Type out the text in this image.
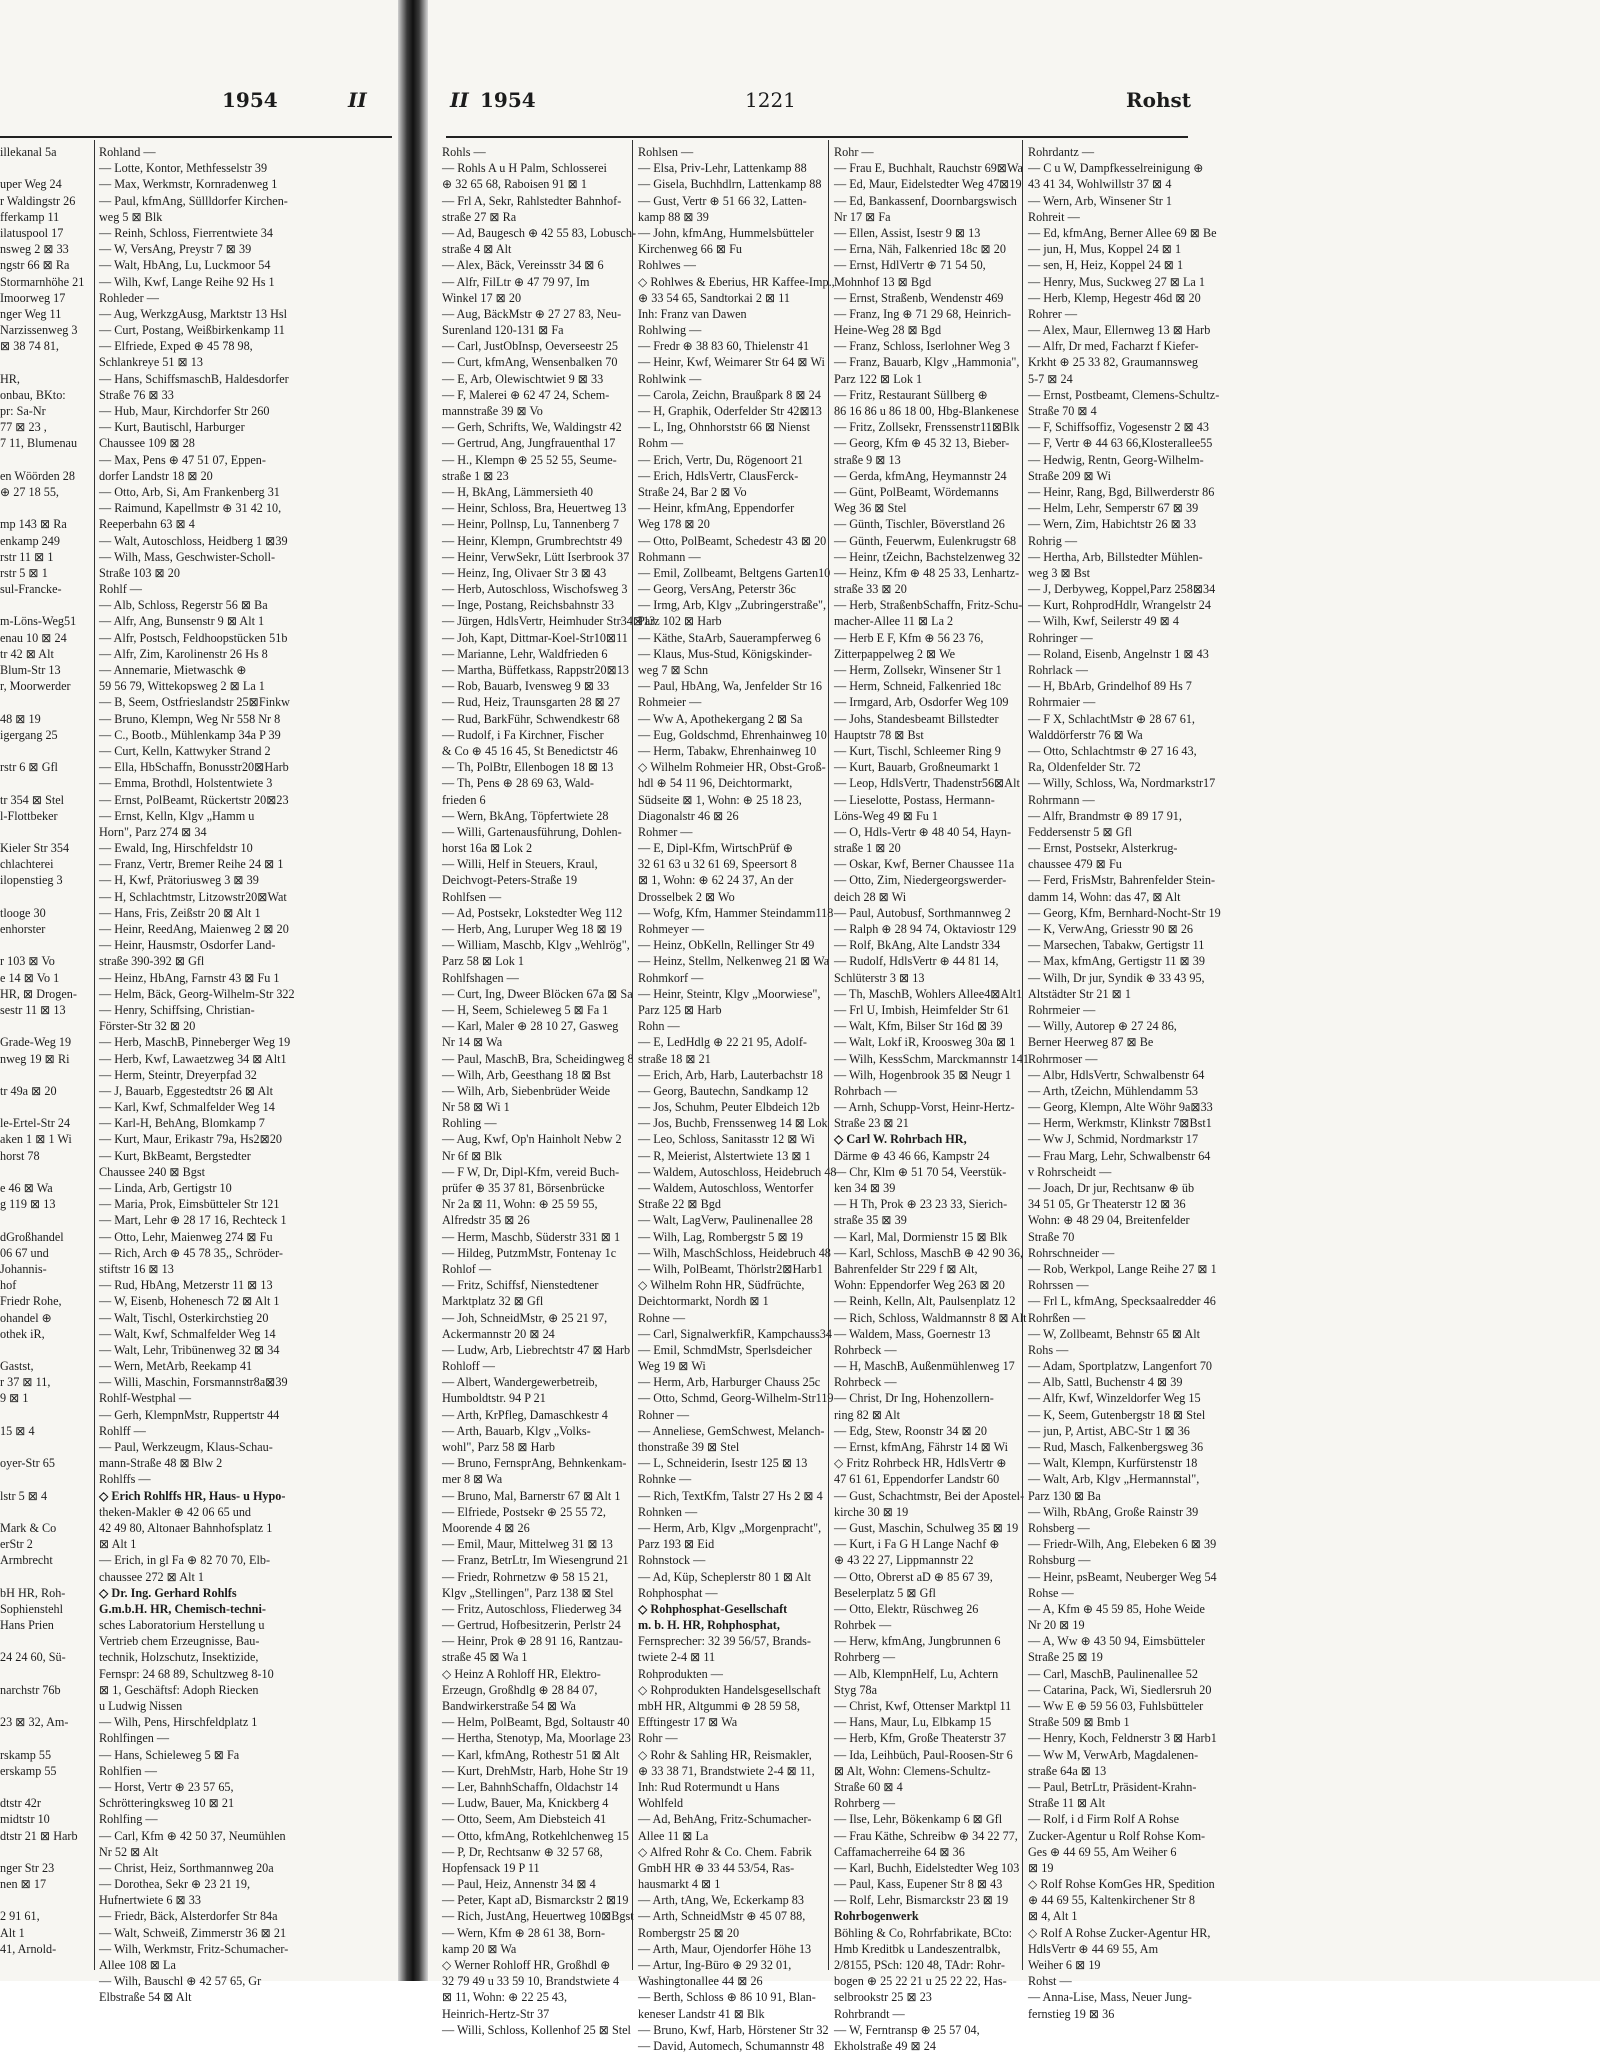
1954	II
illekanal 5a

uper Weg 24
r Waldingstr 26
fferkamp 11
ilatuspool 17
nsweg 2 ⊠ 33
ngstr 66 ⊠ Ra
Stormarnhöhe 21
Imoorweg 17
nger Weg 11
Narzissenweg 3
⊠ 38 74 81,

HR,
onbau, BKto:
pr: Sa-Nr
77 ⊠ 23 ,
7 11, Blumenau

en Wöörden 28
⊕ 27 18 55,

mp 143 ⊠ Ra
enkamp 249
rstr 11 ⊠ 1
rstr 5 ⊠ 1
sul-Francke-

m-Löns-Weg51
enau 10 ⊠ 24
tr 42 ⊠ Alt
Blum-Str 13
r, Moorwerder

48 ⊠ 19
igergang 25

rstr 6 ⊠ Gfl

tr 354 ⊠ Stel
l-Flottbeker

Kieler Str 354
chlachterei
ilopenstieg 3

tlooge 30
enhorster

r 103 ⊠ Vo
e 14 ⊠ Vo 1
HR, ⊠ Drogen-
sestr 11 ⊠ 13

Grade-Weg 19
nweg 19 ⊠ Ri

tr 49a ⊠ 20

le-Ertel-Str 24
aken 1 ⊠ 1 Wi
horst 78

e 46 ⊠ Wa
g 119 ⊠ 13

dGroßhandel
06 67 und
Johannis-
hof
Friedr Rohe,
ohandel ⊕
othek iR,

Gastst,
r 37 ⊠ 11,
9 ⊠ 1

15 ⊠ 4

oyer-Str 65

lstr 5 ⊠ 4

Mark & Co
erStr 2
Armbrecht

bH HR, Roh-
Sophienstehl
Hans Prien

24 24 60, Sü-

narchstr 76b

23 ⊠ 32, Am-

rskamp 55
erskamp 55

dtstr 42r
midtstr 10
dtstr 21 ⊠ Harb

nger Str 23
nen ⊠ 17

2 91 61,
Alt 1
41, Arnold-
Rohland —
— Lotte, Kontor, Methfesselstr 39
— Max, Werkmstr, Kornradenweg 1
— Paul, kfmAng, Süllldorfer Kirchen-
weg 5 ⊠ Blk
— Reinh, Schloss, Fierrentwiete 34
— W, VersAng, Preystr 7 ⊠ 39
— Walt, HbAng, Lu, Luckmoor 54
— Wilh, Kwf, Lange Reihe 92 Hs 1
Rohleder —
— Aug, WerkzgAusg, Marktstr 13 Hsl
— Curt, Postang, Weißbirkenkamp 11
— Elfriede, Exped ⊕ 45 78 98,
Schlankreye 51 ⊠ 13
— Hans, SchiffsmaschB, Haldesdorfer
Straße 76 ⊠ 33
— Hub, Maur, Kirchdorfer Str 260
— Kurt, Bautischl, Harburger
Chaussee 109 ⊠ 28
— Max, Pens ⊕ 47 51 07, Eppen-
dorfer Landstr 18 ⊠ 20
— Otto, Arb, Si, Am Frankenberg 31
— Raimund, Kapellmstr ⊕ 31 42 10,
Reeperbahn 63 ⊠ 4
— Walt, Autoschloss, Heidberg 1 ⊠39
— Wilh, Mass, Geschwister-Scholl-
Straße 103 ⊠ 20
Rohlf —
— Alb, Schloss, Regerstr 56 ⊠ Ba
— Alfr, Ang, Bunsenstr 9 ⊠ Alt 1
— Alfr, Postsch, Feldhoopstücken 51b
— Alfr, Zim, Karolinenstr 26 Hs 8
— Annemarie, Mietwaschk ⊕
59 56 79, Wittekopsweg 2 ⊠ La 1
— B, Seem, Ostfrieslandstr 25⊠Finkw
— Bruno, Klempn, Weg Nr 558 Nr 8
— C., Bootb., Mühlenkamp 34a P 39
— Curt, Kelln, Kattwyker Strand 2
— Ella, HbSchaffn, Bonusstr20⊠Harb
— Emma, Brothdl, Holstentwiete 3
— Ernst, PolBeamt, Rückertstr 20⊠23
— Ernst, Kelln, Klgv „Hamm u
Horn", Parz 274 ⊠ 34
— Ewald, Ing, Hirschfeldstr 10
— Franz, Vertr, Bremer Reihe 24 ⊠ 1
— H, Kwf, Prätoriusweg 3 ⊠ 39
— H, Schlachtmstr, Litzowstr20⊠Wat
— Hans, Fris, Zeißstr 20 ⊠ Alt 1
— Heinr, ReedAng, Maienweg 2 ⊠ 20
— Heinr, Hausmstr, Osdorfer Land-
straße 390-392 ⊠ Gfl
— Heinz, HbAng, Farnstr 43 ⊠ Fu 1
— Helm, Bäck, Georg-Wilhelm-Str 322
— Henry, Schiffsing, Christian-
Förster-Str 32 ⊠ 20
— Herb, MaschB, Pinneberger Weg 19
— Herb, Kwf, Lawaetzweg 34 ⊠ Alt1
— Herm, Steintr, Dreyerpfad 32
— J, Bauarb, Eggestedtstr 26 ⊠ Alt
— Karl, Kwf, Schmalfelder Weg 14
— Karl-H, BehAng, Blomkamp 7
— Kurt, Maur, Erikastr 79a, Hs2⊠20
— Kurt, BkBeamt, Bergstedter
Chaussee 240 ⊠ Bgst
— Linda, Arb, Gertigstr 10
— Maria, Prok, Eimsbütteler Str 121
— Mart, Lehr ⊕ 28 17 16, Rechteck 1
— Otto, Lehr, Maienweg 274 ⊠ Fu
— Rich, Arch ⊕ 45 78 35,, Schröder-
stiftstr 16 ⊠ 13
— Rud, HbAng, Metzerstr 11 ⊠ 13
— W, Eisenb, Hohenesch 72 ⊠ Alt 1
— Walt, Tischl, Osterkirchstieg 20
— Walt, Kwf, Schmalfelder Weg 14
— Walt, Lehr, Tribünenweg 32 ⊠ 34
— Wern, MetArb, Reekamp 41
— Willi, Maschin, Forsmannstr8a⊠39
Rohlf-Westphal —
— Gerh, KlempnMstr, Ruppertstr 44
Rohlff —
— Paul, Werkzeugm, Klaus-Schau-
mann-Straße 48 ⊠ Blw 2
Rohlffs —
◇ Erich Rohlffs HR, Haus- u Hypo-
theken-Makler ⊕ 42 06 65 und
42 49 80, Altonaer Bahnhofsplatz 1
⊠ Alt 1
— Erich, in gl Fa ⊕ 82 70 70, Elb-
chaussee 272 ⊠ Alt 1
◇ Dr. Ing. Gerhard Rohlfs
G.m.b.H. HR, Chemisch-techni-
sches Laboratorium Herstellung u
Vertrieb chem Erzeugnisse, Bau-
technik, Holzschutz, Insektizide,
Fernspr: 24 68 89, Schultzweg 8-10
⊠ 1, Geschäftsf: Adoph Riecken
u Ludwig Nissen
— Wilh, Pens, Hirschfeldplatz 1
Rohlfingen —
— Hans, Schieleweg 5 ⊠ Fa
Rohlfien —
— Horst, Vertr ⊕ 23 57 65,
Schrötteringksweg 10 ⊠ 21
Rohlfing —
— Carl, Kfm ⊕ 42 50 37, Neumühlen
Nr 52 ⊠ Alt
— Christ, Heiz, Sorthmannweg 20a
— Dorothea, Sekr ⊕ 23 21 19,
Hufnertwiete 6 ⊠ 33
— Friedr, Bäck, Alsterdorfer Str 84a
— Walt, Schweiß, Zimmerstr 36 ⊠ 21
— Wilh, Werkmstr, Fritz-Schumacher-
Allee 108 ⊠ La
— Wilh, Bauschl ⊕ 42 57 65, Gr
Elbstraße 54 ⊠ Alt
II 1954	1221	Rohst
Rohls —
— Rohls A u H Palm, Schlosserei
⊕ 32 65 68, Raboisen 91 ⊠ 1
— Frl A, Sekr, Rahlstedter Bahnhof-
straße 27 ⊠ Ra
— Ad, Baugesch ⊕ 42 55 83, Lobusch-
straße 4 ⊠ Alt
— Alex, Bäck, Vereinsstr 34 ⊠ 6
— Alfr, FilLtr ⊕ 47 79 97, Im
Winkel 17 ⊠ 20
— Aug, BäckMstr ⊕ 27 27 83, Neu-
Surenland 120-131 ⊠ Fa
— Carl, JustObInsp, Oeverseestr 25
— Curt, kfmAng, Wensenbalken 70
— E, Arb, Olewischtwiet 9 ⊠ 33
— F, Malerei ⊕ 62 47 24, Schem-
mannstraße 39 ⊠ Vo
— Gerh, Schrifts, We, Waldingstr 42
— Gertrud, Ang, Jungfrauenthal 17
— H., Klempn ⊕ 25 52 55, Seume-
straße 1 ⊠ 23
— H, BkAng, Lämmersieth 40
— Heinr, Schloss, Bra, Heuertweg 13
— Heinr, Pollnsp, Lu, Tannenberg 7
— Heinr, Klempn, Grumbrechtstr 49
— Heinr, VerwSekr, Lütt Iserbrook 37
— Heinz, Ing, Olivaer Str 3 ⊠ 43
— Herb, Autoschloss, Wischofsweg 3
— Inge, Postang, Reichsbahnstr 33
— Jürgen, HdlsVertr, Heimhuder Str34⊠13
— Joh, Kapt, Dittmar-Koel-Str10⊠11
— Marianne, Lehr, Waldfrieden 6
— Martha, Büffetkass, Rappstr20⊠13
— Rob, Bauarb, Ivensweg 9 ⊠ 33
— Rud, Heiz, Traunsgarten 28 ⊠ 27
— Rud, BarkFühr, Schwendkestr 68
— Rudolf, i Fa Kirchner, Fischer
& Co ⊕ 45 16 45, St Benedictstr 46
— Th, PolBtr, Ellenbogen 18 ⊠ 13
— Th, Pens ⊕ 28 69 63, Wald-
frieden 6
— Wern, BkAng, Töpfertwiete 28
— Willi, Gartenausführung, Dohlen-
horst 16a ⊠ Lok 2
— Willi, Helf in Steuers, Kraul,
Deichvogt-Peters-Straße 19
Rohlfsen —
— Ad, Postsekr, Lokstedter Weg 112
— Herb, Ang, Luruper Weg 18 ⊠ 19
— William, Maschb, Klgv „Wehlrög",
Parz 58 ⊠ Lok 1
Rohlfshagen —
— Curt, Ing, Dweer Blöcken 67a ⊠ Sa
— H, Seem, Schieleweg 5 ⊠ Fa 1
— Karl, Maler ⊕ 28 10 27, Gasweg
Nr 14 ⊠ Wa
— Paul, MaschB, Bra, Scheidingweg 8
— Wilh, Arb, Geesthang 18 ⊠ Bst
— Wilh, Arb, Siebenbrüder Weide
Nr 58 ⊠ Wi 1
Rohling —
— Aug, Kwf, Op'n Hainholt Nebw 2
Nr 6f ⊠ Blk
— F W, Dr, Dipl-Kfm, vereid Buch-
prüfer ⊕ 35 37 81, Börsenbrücke
Nr 2a ⊠ 11, Wohn: ⊕ 25 59 55,
Alfredstr 35 ⊠ 26
— Herm, Maschb, Süderstr 331 ⊠ 1
— Hildeg, PutzmMstr, Fontenay 1c
Rohlof —
— Fritz, Schiffsf, Nienstedtener
Marktplatz 32 ⊠ Gfl
— Joh, SchneidMstr, ⊕ 25 21 97,
Ackermannstr 20 ⊠ 24
— Ludw, Arb, Liebrechtstr 47 ⊠ Harb
Rohloff —
— Albert, Wandergewerbetreib,
Humboldtstr. 94 P 21
— Arth, KrPfleg, Damaschkestr 4
— Arth, Bauarb, Klgv „Volks-
wohl", Parz 58 ⊠ Harb
— Bruno, FernsprAng, Behnkenkam-
mer 8 ⊠ Wa
— Bruno, Mal, Barnerstr 67 ⊠ Alt 1
— Elfriede, Postsekr ⊕ 25 55 72,
Moorende 4 ⊠ 26
— Emil, Maur, Mittelweg 31 ⊠ 13
— Franz, BetrLtr, Im Wiesengrund 21
— Friedr, Rohrnetzw ⊕ 58 15 21,
Klgv „Stellingen", Parz 138 ⊠ Stel
— Fritz, Autoschloss, Fliederweg 34
— Gertrud, Hofbesitzerin, Perlstr 24
— Heinr, Prok ⊕ 28 91 16, Rantzau-
straße 45 ⊠ Wa 1
◇ Heinz A Rohloff HR, Elektro-
Erzeugn, Großhdlg ⊕ 28 84 07,
Bandwirkerstraße 54 ⊠ Wa
— Helm, PolBeamt, Bgd, Soltaustr 40
— Hertha, Stenotyp, Ma, Moorlage 23
— Karl, kfmAng, Rothestr 51 ⊠ Alt
— Kurt, DrehMstr, Harb, Hohe Str 19
— Ler, BahnhSchaffn, Oldachstr 14
— Ludw, Bauer, Ma, Knickberg 4
— Otto, Seem, Am Diebsteich 41
— Otto, kfmAng, Rotkehlchenweg 15
— P, Dr, Rechtsanw ⊕ 32 57 68,
Hopfensack 19 P 11
— Paul, Heiz, Annenstr 34 ⊠ 4
— Peter, Kapt aD, Bismarckstr 2 ⊠19
— Rich, JustAng, Heuertweg 10⊠Bgst
— Wern, Kfm ⊕ 28 61 38, Born-
kamp 20 ⊠ Wa
◇ Werner Rohloff HR, Großhdl ⊕
32 79 49 u 33 59 10, Brandstwiete 4
⊠ 11, Wohn: ⊕ 22 25 43,
Heinrich-Hertz-Str 37
— Willi, Schloss, Kollenhof 25 ⊠ Stel
Rohlsen —
— Elsa, Priv-Lehr, Lattenkamp 88
— Gisela, Buchhdlrn, Lattenkamp 88
— Gust, Vertr ⊕ 51 66 32, Latten-
kamp 88 ⊠ 39
— John, kfmAng, Hummelsbütteler
Kirchenweg 66 ⊠ Fu
Rohlwes —
◇ Rohlwes & Eberius, HR Kaffee-Imp.,
⊕ 33 54 65, Sandtorkai 2 ⊠ 11
Inh: Franz van Dawen
Rohlwing —
— Fredr ⊕ 38 83 60, Thielenstr 41
— Heinr, Kwf, Weimarer Str 64 ⊠ Wi
Rohlwink —
— Carola, Zeichn, Braußpark 8 ⊠ 24
— H, Graphik, Oderfelder Str 42⊠13
— L, Ing, Ohnhorststr 66 ⊠ Nienst
Rohm —
— Erich, Vertr, Du, Rögenoort 21
— Erich, HdlsVertr, ClausFerck-
Straße 24, Bar 2 ⊠ Vo
— Heinr, kfmAng, Eppendorfer
Weg 178 ⊠ 20
— Otto, PolBeamt, Schedestr 43 ⊠ 20
Rohmann —
— Emil, Zollbeamt, Beltgens Garten10
— Georg, VersAng, Peterstr 36c
— Irmg, Arb, Klgv „Zubringerstraße",
Parz 102 ⊠ Harb
— Käthe, StaArb, Sauerampferweg 6
— Klaus, Mus-Stud, Königskinder-
weg 7 ⊠ Schn
— Paul, HbAng, Wa, Jenfelder Str 16
Rohmeier —
— Ww A, Apothekergang 2 ⊠ Sa
— Eug, Goldschmd, Ehrenhainweg 10
— Herm, Tabakw, Ehrenhainweg 10
◇ Wilhelm Rohmeier HR, Obst-Groß-
hdl ⊕ 54 11 96, Deichtormarkt,
Südseite ⊠ 1, Wohn: ⊕ 25 18 23,
Diagonalstr 46 ⊠ 26
Rohmer —
— E, Dipl-Kfm, WirtschPrüf ⊕
32 61 63 u 32 61 69, Speersort 8
⊠ 1, Wohn: ⊕ 62 24 37, An der
Drosselbek 2 ⊠ Wo
— Wofg, Kfm, Hammer Steindamm118
Rohmeyer —
— Heinz, ObKelln, Rellinger Str 49
— Heinz, Stellm, Nelkenweg 21 ⊠ Wa
Rohmkorf —
— Heinr, Steintr, Klgv „Moorwiese",
Parz 125 ⊠ Harb
Rohn —
— E, LedHdlg ⊕ 22 21 95, Adolf-
straße 18 ⊠ 21
— Erich, Arb, Harb, Lauterbachstr 18
— Georg, Bautechn, Sandkamp 12
— Jos, Schuhm, Peuter Elbdeich 12b
— Jos, Buchb, Frenssenweg 14 ⊠ Lok
— Leo, Schloss, Sanitasstr 12 ⊠ Wi
— R, Meierist, Alstertwiete 13 ⊠ 1
— Waldem, Autoschloss, Heidebruch 48
— Waldem, Autoschloss, Wentorfer
Straße 22 ⊠ Bgd
— Walt, LagVerw, Paulinenallee 28
— Wilh, Lag, Rombergstr 5 ⊠ 19
— Wilh, MaschSchloss, Heidebruch 48
— Wilh, PolBeamt, Thörlstr2⊠Harb1
◇ Wilhelm Rohn HR, Südfrüchte,
Deichtormarkt, Nordh ⊠ 1
Rohne —
— Carl, SignalwerkfiR, Kampchauss34
— Emil, SchmdMstr, Sperlsdeicher
Weg 19 ⊠ Wi
— Herm, Arb, Harburger Chauss 25c
— Otto, Schmd, Georg-Wilhelm-Str119
Rohner —
— Anneliese, GemSchwest, Melanch-
thonstraße 39 ⊠ Stel
— L, Schneiderin, Isestr 125 ⊠ 13
Rohnke —
— Rich, TextKfm, Talstr 27 Hs 2 ⊠ 4
Rohnken —
— Herm, Arb, Klgv „Morgenpracht",
Parz 193 ⊠ Eid
Rohnstock —
— Ad, Küp, Scheplerstr 80 1 ⊠ Alt
Rohphosphat —
◇ Rohphosphat-Gesellschaft
m. b. H. HR, Rohphosphat,
Fernsprecher: 32 39 56/57, Brands-
twiete 2-4 ⊠ 11
Rohprodukten —
◇ Rohprodukten Handelsgesellschaft
mbH HR, Altgummi ⊕ 28 59 58,
Efftingestr 17 ⊠ Wa
Rohr —
◇ Rohr & Sahling HR, Reismakler,
⊕ 33 38 71, Brandstwiete 2-4 ⊠ 11,
Inh: Rud Rotermundt u Hans
Wohlfeld
— Ad, BehAng, Fritz-Schumacher-
Allee 11 ⊠ La
◇ Alfred Rohr & Co. Chem. Fabrik
GmbH HR ⊕ 33 44 53/54, Ras-
hausmarkt 4 ⊠ 1
— Arth, tAng, We, Eckerkamp 83
— Arth, SchneidMstr ⊕ 45 07 88,
Rombergstr 25 ⊠ 20
— Arth, Maur, Ojendorfer Höhe 13
— Artur, Ing-Büro ⊕ 29 32 01,
Washingtonallee 44 ⊠ 26
— Berth, Schloss ⊕ 86 10 91, Blan-
keneser Landstr 41 ⊠ Blk
— Bruno, Kwf, Harb, Hörstener Str 32
— David, Automech, Schumannstr 48
Rohr —
— Frau E, Buchhalt, Rauchstr 69⊠Wa
— Ed, Maur, Eidelstedter Weg 47⊠19
— Ed, Bankassenf, Doornbargswisch
Nr 17 ⊠ Fa
— Ellen, Assist, Isestr 9 ⊠ 13
— Erna, Näh, Falkenried 18c ⊠ 20
— Ernst, HdlVertr ⊕ 71 54 50,
Mohnhof 13 ⊠ Bgd
— Ernst, Straßenb, Wendenstr 469
— Franz, Ing ⊕ 71 29 68, Heinrich-
Heine-Weg 28 ⊠ Bgd
— Franz, Schloss, Iserlohner Weg 3
— Franz, Bauarb, Klgv „Hammonia",
Parz 122 ⊠ Lok 1
— Fritz, Restaurant Süllberg ⊕
86 16 86 u 86 18 00, Hbg-Blankenese
— Fritz, Zollsekr, Frenssenstr11⊠Blk
— Georg, Kfm ⊕ 45 32 13, Bieber-
straße 9 ⊠ 13
— Gerda, kfmAng, Heymannstr 24
— Günt, PolBeamt, Wördemanns
Weg 36 ⊠ Stel
— Günth, Tischler, Böverstland 26
— Günth, Feuerwm, Eulenkrugstr 68
— Heinr, tZeichn, Bachstelzenweg 32
— Heinz, Kfm ⊕ 48 25 33, Lenhartz-
straße 33 ⊠ 20
— Herb, StraßenbSchaffn, Fritz-Schu-
macher-Allee 11 ⊠ La 2
— Herb E F, Kfm ⊕ 56 23 76,
Zitterpappelweg 2 ⊠ We
— Herm, Zollsekr, Winsener Str 1
— Herm, Schneid, Falkenried 18c
— Irmgard, Arb, Osdorfer Weg 109
— Johs, Standesbeamt Billstedter
Hauptstr 78 ⊠ Bst
— Kurt, Tischl, Schleemer Ring 9
— Kurt, Bauarb, Großneumarkt 1
— Leop, HdlsVertr, Thadenstr56⊠Alt
— Lieselotte, Postass, Hermann-
Löns-Weg 49 ⊠ Fu 1
— O, Hdls-Vertr ⊕ 48 40 54, Hayn-
straße 1 ⊠ 20
— Oskar, Kwf, Berner Chaussee 11a
— Otto, Zim, Niedergeorgswerder-
deich 28 ⊠ Wi
— Paul, Autobusf, Sorthmannweg 2
— Ralph ⊕ 28 94 74, Oktaviostr 129
— Rolf, BkAng, Alte Landstr 334
— Rudolf, HdlsVertr ⊕ 44 81 14,
Schlüterstr 3 ⊠ 13
— Th, MaschB, Wohlers Allee4⊠Alt1
— Frl U, Imbish, Heimfelder Str 61
— Walt, Kfm, Bilser Str 16d ⊠ 39
— Walt, Lokf iR, Kroosweg 30a ⊠ 1
— Wilh, KessSchm, Marckmannstr 141
— Wilh, Hogenbrook 35 ⊠ Neugr 1
Rohrbach —
— Arnh, Schupp-Vorst, Heinr-Hertz-
Straße 23 ⊠ 21
◇ Carl W. Rohrbach HR,
Därme ⊕ 43 46 66, Kampstr 24
— Chr, Klm ⊕ 51 70 54, Veerstük-
ken 34 ⊠ 39
— H Th, Prok ⊕ 23 23 33, Sierich-
straße 35 ⊠ 39
— Karl, Mal, Dormienstr 15 ⊠ Blk
— Karl, Schloss, MaschB ⊕ 42 90 36,
Bahrenfelder Str 229 f ⊠ Alt,
Wohn: Eppendorfer Weg 263 ⊠ 20
— Reinh, Kelln, Alt, Paulsenplatz 12
— Rich, Schloss, Waldmannstr 8 ⊠ Alt
— Waldem, Mass, Goernestr 13
Rohrbeck —
— H, MaschB, Außenmühlenweg 17
Rohrbeck —
— Christ, Dr Ing, Hohenzollern-
ring 82 ⊠ Alt
— Edg, Stew, Roonstr 34 ⊠ 20
— Ernst, kfmAng, Fährstr 14 ⊠ Wi
◇ Fritz Rohrbeck HR, HdlsVertr ⊕
47 61 61, Eppendorfer Landstr 60
— Gust, Schachtmstr, Bei der Apostel-
kirche 30 ⊠ 19
— Gust, Maschin, Schulweg 35 ⊠ 19
— Kurt, i Fa G H Lange Nachf ⊕
⊕ 43 22 27, Lippmannstr 22
— Otto, Obrerst aD ⊕ 85 67 39,
Beselerplatz 5 ⊠ Gfl
— Otto, Elektr, Rüschweg 26
Rohrbek —
— Herw, kfmAng, Jungbrunnen 6
Rohrberg —
— Alb, KlempnHelf, Lu, Achtern
Styg 78a
— Christ, Kwf, Ottenser Marktpl 11
— Hans, Maur, Lu, Elbkamp 15
— Herb, Kfm, Große Theaterstr 37
— Ida, Leihbüch, Paul-Roosen-Str 6
⊠ Alt, Wohn: Clemens-Schultz-
Straße 60 ⊠ 4
Rohrberg —
— Ilse, Lehr, Bökenkamp 6 ⊠ Gfl
— Frau Käthe, Schreibw ⊕ 34 22 77,
Caffamacherreihe 64 ⊠ 36
— Karl, Buchh, Eidelstedter Weg 103
— Paul, Kass, Eupener Str 8 ⊠ 43
— Rolf, Lehr, Bismarckstr 23 ⊠ 19
Rohrbogenwerk
Böhling & Co, Rohrfabrikate, BCto:
Hmb Kreditbk u Landeszentralbk,
2/8155, PSch: 120 48, TAdr: Rohr-
bogen ⊕ 25 22 21 u 25 22 22, Has-
selbrookstr 25 ⊠ 23
Rohrbrandt —
— W, Ferntransp ⊕ 25 57 04,
Ekholstraße 49 ⊠ 24
Rohrdantz —
— C u W, Dampfkesselreinigung ⊕
43 41 34, Wohlwillstr 37 ⊠ 4
— Wern, Arb, Winsener Str 1
Rohreit —
— Ed, kfmAng, Berner Allee 69 ⊠ Be
— jun, H, Mus, Koppel 24 ⊠ 1
— sen, H, Heiz, Koppel 24 ⊠ 1
— Henry, Mus, Suckweg 27 ⊠ La 1
— Herb, Klemp, Hegestr 46d ⊠ 20
Rohrer —
— Alex, Maur, Ellernweg 13 ⊠ Harb
— Alfr, Dr med, Facharzt f Kiefer-
Krkht ⊕ 25 33 82, Graumannsweg
5-7 ⊠ 24
— Ernst, Postbeamt, Clemens-Schultz-
Straße 70 ⊠ 4
— F, Schiffsoffiz, Vogesenstr 2 ⊠ 43
— F, Vertr ⊕ 44 63 66,Klosterallee55
— Hedwig, Rentn, Georg-Wilhelm-
Straße 209 ⊠ Wi
— Heinr, Rang, Bgd, Billwerderstr 86
— Helm, Lehr, Semperstr 67 ⊠ 39
— Wern, Zim, Habichtstr 26 ⊠ 33
Rohrig —
— Hertha, Arb, Billstedter Mühlen-
weg 3 ⊠ Bst
— J, Derbyweg, Koppel,Parz 258⊠34
— Kurt, RohprodHdlr, Wrangelstr 24
— Wilh, Kwf, Seilerstr 49 ⊠ 4
Rohringer —
— Roland, Eisenb, Angelnstr 1 ⊠ 43
Rohrlack —
— H, BbArb, Grindelhof 89 Hs 7
Rohrmaier —
— F X, SchlachtMstr ⊕ 28 67 61,
Walddörferstr 76 ⊠ Wa
— Otto, Schlachtmstr ⊕ 27 16 43,
Ra, Oldenfelder Str. 72
— Willy, Schloss, Wa, Nordmarkstr17
Rohrmann —
— Alfr, Brandmstr ⊕ 89 17 91,
Feddersenstr 5 ⊠ Gfl
— Ernst, Postsekr, Alsterkrug-
chaussee 479 ⊠ Fu
— Ferd, FrisMstr, Bahrenfelder Stein-
damm 14, Wohn: das 47, ⊠ Alt
— Georg, Kfm, Bernhard-Nocht-Str 19
— K, VerwAng, Griesstr 90 ⊠ 26
— Marsechen, Tabakw, Gertigstr 11
— Max, kfmAng, Gertigstr 11 ⊠ 39
— Wilh, Dr jur, Syndik ⊕ 33 43 95,
Altstädter Str 21 ⊠ 1
Rohrmeier —
— Willy, Autorep ⊕ 27 24 86,
Berner Heerweg 87 ⊠ Be
Rohrmoser —
— Albr, HdlsVertr, Schwalbenstr 64
— Arth, tZeichn, Mühlendamm 53
— Georg, Klempn, Alte Wöhr 9a⊠33
— Herm, Werkmstr, Klinkstr 7⊠Bst1
— Ww J, Schmid, Nordmarkstr 17
— Frau Marg, Lehr, Schwalbenstr 64
v Rohrscheidt —
— Joach, Dr jur, Rechtsanw ⊕ üb
34 51 05, Gr Theaterstr 12 ⊠ 36
Wohn: ⊕ 48 29 04, Breitenfelder
Straße 70
Rohrschneider —
— Rob, Werkpol, Lange Reihe 27 ⊠ 1
Rohrssen —
— Frl L, kfmAng, Specksaalredder 46
Rohrßen —
— W, Zollbeamt, Behnstr 65 ⊠ Alt
Rohs —
— Adam, Sportplatzw, Langenfort 70
— Alb, Sattl, Buchenstr 4 ⊠ 39
— Alfr, Kwf, Winzeldorfer Weg 15
— K, Seem, Gutenbergstr 18 ⊠ Stel
— jun, P, Artist, ABC-Str 1 ⊠ 36
— Rud, Masch, Falkenbergsweg 36
— Walt, Klempn, Kurfürstenstr 18
— Walt, Arb, Klgv „Hermannstal",
Parz 130 ⊠ Ba
— Wilh, RbAng, Große Rainstr 39
Rohsberg —
— Friedr-Wilh, Ang, Elebeken 6 ⊠ 39
Rohsburg —
— Heinr, psBeamt, Neuberger Weg 54
Rohse —
— A, Kfm ⊕ 45 59 85, Hohe Weide
Nr 20 ⊠ 19
— A, Ww ⊕ 43 50 94, Eimsbütteler
Straße 25 ⊠ 19
— Carl, MaschB, Paulinenallee 52
— Catarina, Pack, Wi, Siedlersruh 20
— Ww E ⊕ 59 56 03, Fuhlsbütteler
Straße 509 ⊠ Bmb 1
— Henry, Koch, Feldnerstr 3 ⊠ Harb1
— Ww M, VerwArb, Magdalenen-
straße 64a ⊠ 13
— Paul, BetrLtr, Präsident-Krahn-
Straße 11 ⊠ Alt
— Rolf, i d Firm Rolf A Rohse
Zucker-Agentur u Rolf Rohse Kom-
Ges ⊕ 44 69 55, Am Weiher 6
⊠ 19
◇ Rolf Rohse KomGes HR, Spedition
⊕ 44 69 55, Kaltenkirchener Str 8
⊠ 4, Alt 1
◇ Rolf A Rohse Zucker-Agentur HR,
HdlsVertr ⊕ 44 69 55, Am
Weiher 6 ⊠ 19
Rohst —
— Anna-Lise, Mass, Neuer Jung-
fernstieg 19 ⊠ 36
